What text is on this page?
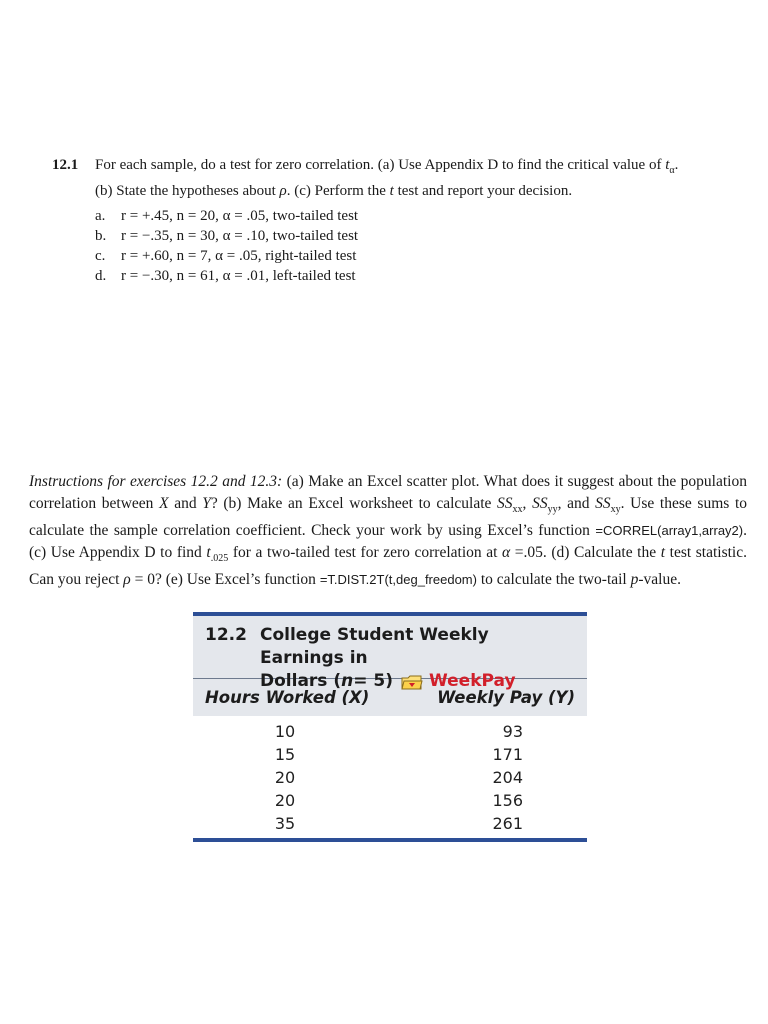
12.1	For each sample, do a test for zero correlation. (a) Use Appendix D to find the critical value of $t_\alpha$.
(b) State the hypotheses about ρ. (c) Perform the t test and report your decision.
a.	r = +.45, n = 20, α = .05, two-tailed test
b. r = −.35, n = 30, α = .10, two-tailed test
c.	r = +.60, n = 7, α = .05, right-tailed test
d. r = −.30, n = 61, α = .01, left-tailed test
Instructions for exercises 12.2 and 12.3: (a) Make an Excel scatter plot. What does it suggest about the population correlation between X and Y? (b) Make an Excel worksheet to calculate $SS_{xx}$, $SS_{yy}$, and $SS_{xy}$. Use these sums to calculate the sample correlation coefficient. Check your work by using Excel’s function =CORREL(array1,array2). (c) Use Appendix D to find $t_{.025}$ for a two-tailed test for zero correlation at α =.05. (d) Calculate the t test statistic. Can you reject ρ = 0? (e) Use Excel’s function =T.DIST.2T(t,deg_freedom) to calculate the two-tail p-value.
12.2 College Student Weekly Earnings in
Dollars ( n = 5) WeekPay
Hours Worked (X)	Weekly Pay (Y)
10	93
15	171
20	204
20	156
35	261
